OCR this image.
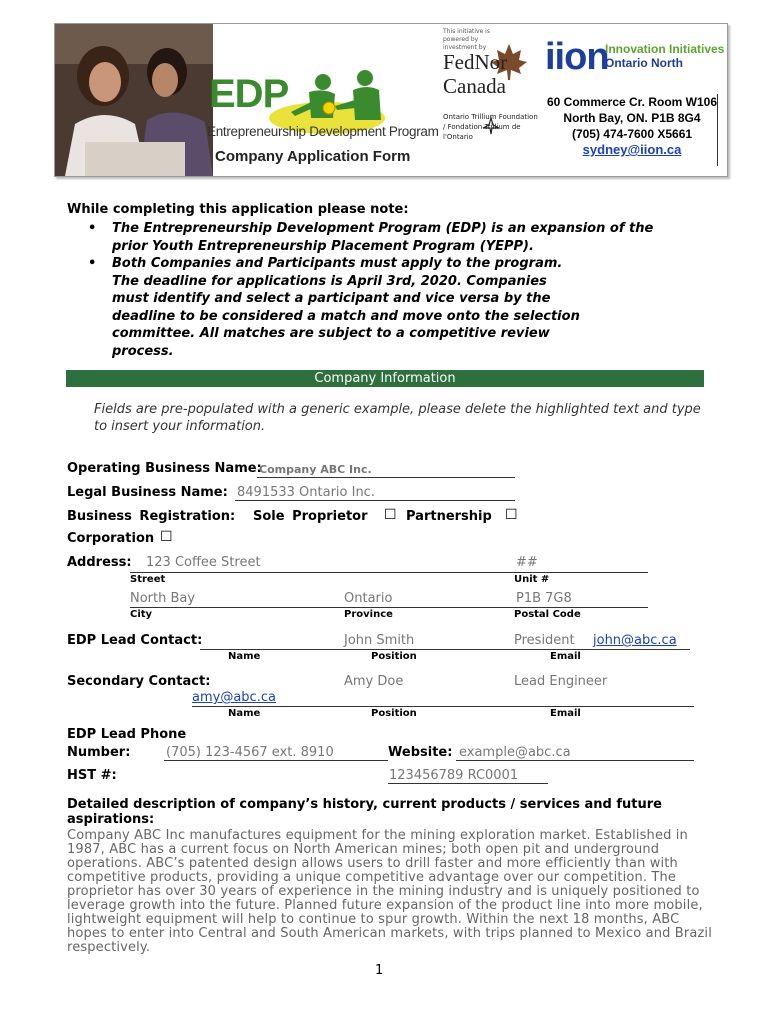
EDP
Entrepreneurship Development Program
Company Application Form
This initiative is powered by investment by
FedNor Canada
Ontario Trillium Foundation / Fondation Trillium de l'Ontario
iion
Innovation Initiatives
Ontario North
60 Commerce Cr. Room W106
North Bay, ON. P1B 8G4
(705) 474-7600 X5661
sydney@iion.ca
While completing this application please note:
• The Entrepreneurship Development Program (EDP) is an expansion of the prior Youth Entrepreneurship Placement Program (YEPP).
• Both Companies and Participants must apply to the program. The deadline for applications is April 3rd, 2020. Companies must identify and select a participant and vice versa by the deadline to be considered a match and move onto the selection committee. All matches are subject to a competitive review process.
Company Information
Fields are pre-populated with a generic example, please delete the highlighted text and type to insert your information.
Operating Business Name:
Company ABC Inc.
Legal Business Name: 8491533 Ontario Inc.
Business Registration: Sole Proprietor ☐ Partnership ☐
Corporation ☐
Address: 123 Coffee Street	##
Street	Unit #
North Bay	Ontario	P1B 7G8
City	Province	Postal Code
EDP Lead Contact:	John Smith	President john@abc.ca
Name	Position	Email
Secondary Contact:	Amy Doe	Lead Engineer
amy@abc.ca
Name	Position	Email
EDP Lead Phone
Number:	(705) 123-4567 ext. 8910	Website: example@abc.ca
HST #:	123456789 RC0001
Detailed description of company’s history, current products / services and future aspirations:
Company ABC Inc manufactures equipment for the mining exploration market. Established in 1987, ABC has a current focus on North American mines; both open pit and underground operations. ABC’s patented design allows users to drill faster and more efficiently than with competitive products, providing a unique competitive advantage over our competition. The proprietor has over 30 years of experience in the mining industry and is uniquely positioned to leverage growth into the future. Planned future expansion of the product line into more mobile, lightweight equipment will help to continue to spur growth. Within the next 18 months, ABC hopes to enter into Central and South American markets, with trips planned to Mexico and Brazil respectively.
1
